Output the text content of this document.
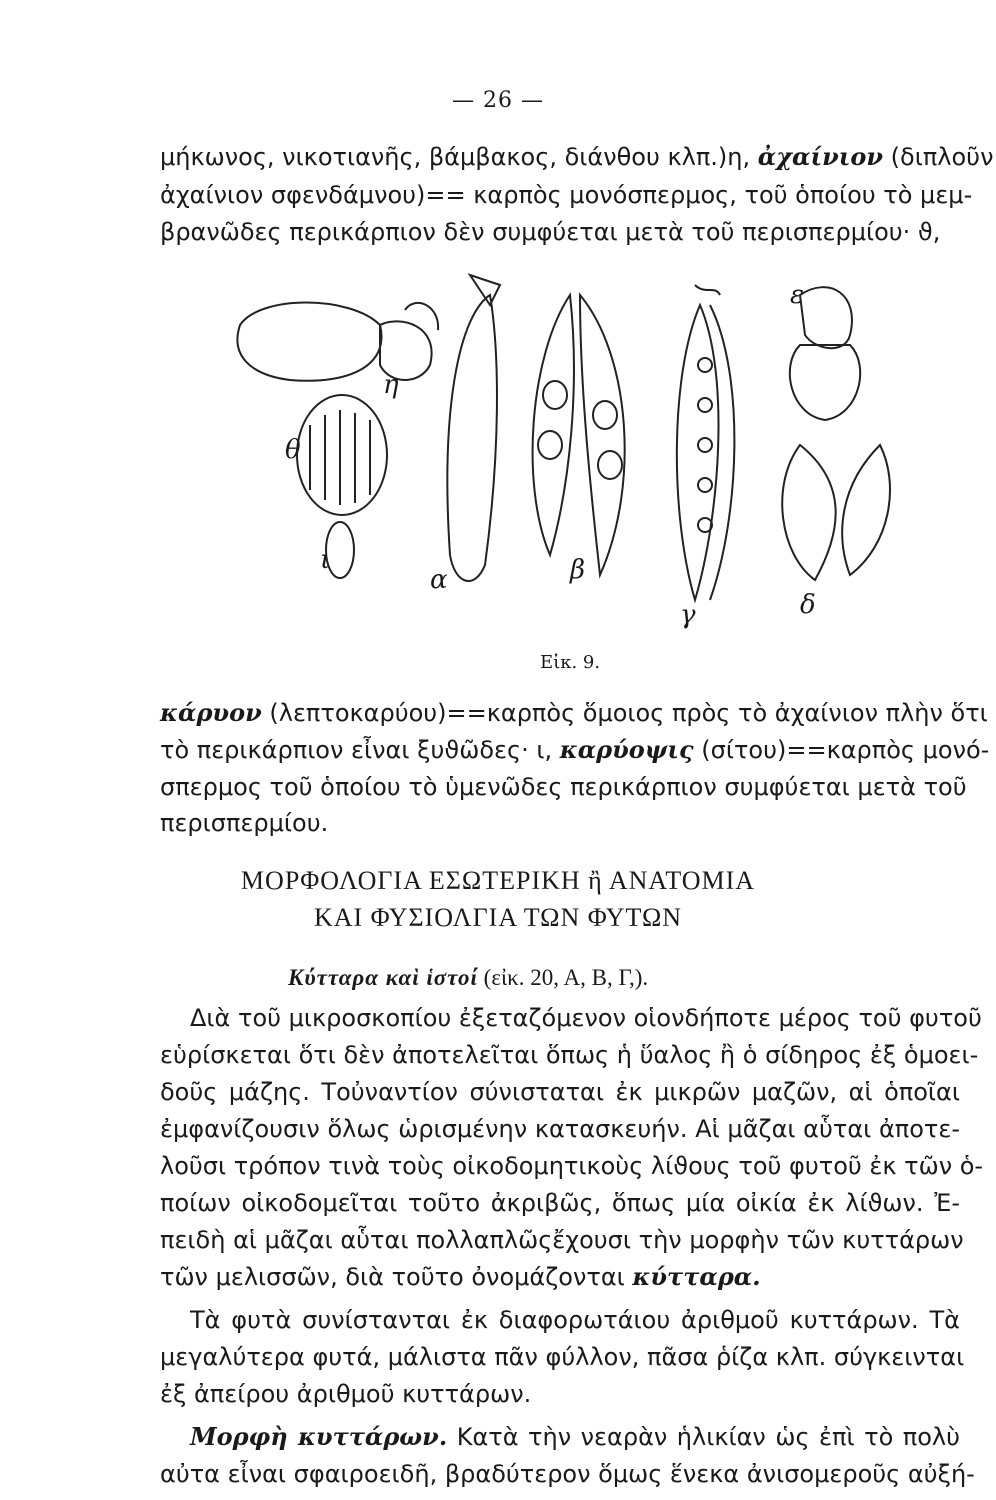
— 26 —
μήκωνος, νικοτιανῆς, βάμβακος, διάνθου κλπ.)η, ἀχαίνιον (διπλοῦν
ἀχαίνιον σφενδάμνου)== καρπὸς μονόσπερμος, τοῦ ὁποίου τὸ μεμ-
βρανῶδες περικάρπιον δὲν συμφύεται μετὰ τοῦ περισπερμίου· ϑ,
η
θ
ι
α	β
γ	δ
ε
Εἰκ. 9.
κάρυον (λεπτοκαρύου)==καρπὸς ὅμοιος πρὸς τὸ ἀχαίνιον πλὴν ὅτι
τὸ περικάρπιον εἶναι ξυϑῶδες· ι, καρύοψις (σίτου)==καρπὸς μονό-
σπερμος τοῦ ὁποίου τὸ ὑμενῶδες περικάρπιον συμφύεται μετὰ τοῦ
περισπερμίου.
ΜΟΡΦΟΛΟΓΙΑ ΕΣΩΤΕΡΙΚΗ ἢ ΑΝΑΤΟΜΙΑ
ΚΑΙ ΦΥΣΙΟΛΓΙΑ ΤΩΝ ΦΥΤΩΝ
Κύτταρα καὶ ἱστοί (εἰκ. 20, Α, Β, Γ,).
Διὰ τοῦ μικροσκοπίου ἐξεταζόμενον οἱονδήποτε μέρος τοῦ φυτοῦ
εὑρίσκεται ὅτι δὲν ἀποτελεῖται ὅπως ἡ ὕαλος ἢ ὁ σίδηρος ἐξ ὁμοει-
δοῦς μάζης. Τοὐναντίον σύνισταται ἐκ μικρῶν μαζῶν, αἱ ὁποῖαι
ἐμφανίζουσιν ὅλως ὡρισμένην κατασκευήν. Αἱ μᾶζαι αὗται ἀποτε-
λοῦσι τρόπον τινὰ τοὺς οἰκοδομητικοὺς λίϑους τοῦ φυτοῦ ἐκ τῶν ὁ-
ποίων οἰκοδομεῖται τοῦτο ἀκριβῶς, ὅπως μία οἰκία ἐκ λίϑων. Ἐ-
πειδὴ αἱ μᾶζαι αὗται πολλαπλῶςἔχουσι τὴν μορφὴν τῶν κυττάρων
τῶν μελισσῶν, διὰ τοῦτο ὀνομάζονται κύτταρα.
Τὰ φυτὰ συνίστανται ἐκ διαφορωτάιου ἀριθμοῦ κυττάρων. Τὰ
μεγαλύτερα φυτά, μάλιστα πᾶν φύλλον, πᾶσα ῥίζα κλπ. σύγκεινται
ἐξ ἀπείρου ἀριθμοῦ κυττάρων.
Μορφὴ κυττάρων. Κατὰ τὴν νεαρὰν ἡλικίαν ὡς ἐπὶ τὸ πολὺ
αὐτα εἶναι σφαιροειδῆ, βραδύτερον ὅμως ἕνεκα ἀνισομεροῦς αὐξή-
